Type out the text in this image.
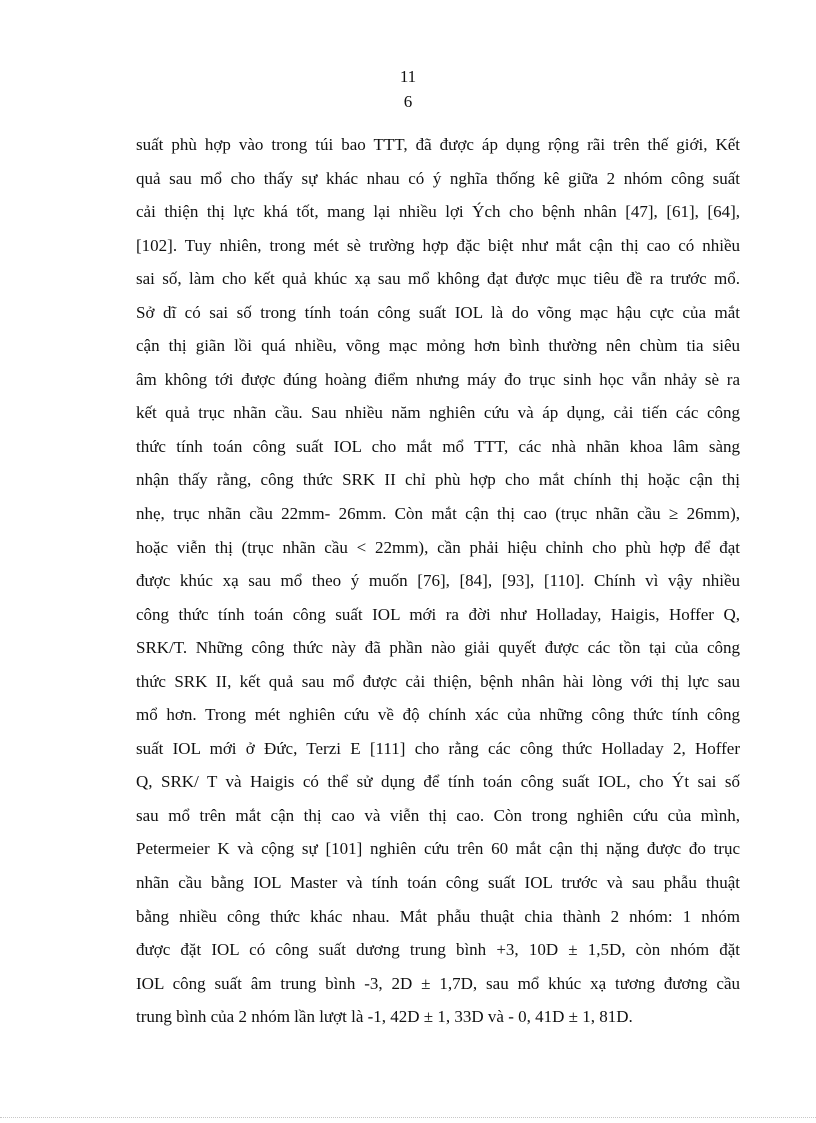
11
6
suất phù hợp vào trong túi bao TTT, đã được áp dụng rộng rãi trên thế giới, Kết
quả sau mổ cho thấy sự khác nhau có ý nghĩa thống kê giữa 2 nhóm công suất
cải thiện thị lực khá tốt, mang lại nhiều lợi Ých cho bệnh nhân [47], [61], [64],
[102]. Tuy nhiên, trong mét sè trường hợp đặc biệt như mắt cận thị cao có nhiều
sai số, làm cho kết quả khúc xạ sau mổ không đạt được mục tiêu đề ra trước mổ.
Sở dĩ có sai số trong tính toán công suất IOL là do võng mạc hậu cực của mắt
cận thị giãn lồi quá nhiều, võng mạc mỏng hơn bình thường nên chùm tia siêu
âm không tới được đúng hoàng điểm nhưng máy đo trục sinh học vẫn nhảy sè ra
kết quả trục nhãn cầu. Sau nhiều năm nghiên cứu và áp dụng, cải tiến các công
thức tính toán công suất IOL cho mắt mổ TTT, các nhà nhãn khoa lâm sàng
nhận thấy rằng, công thức SRK II chỉ phù hợp cho mắt chính thị hoặc cận thị
nhẹ, trục nhãn cầu 22mm- 26mm. Còn mắt cận thị cao (trục nhãn cầu ≥ 26mm),
hoặc viễn thị (trục nhãn cầu < 22mm), cần phải hiệu chỉnh cho phù hợp để đạt
được khúc xạ sau mổ theo ý muốn [76], [84], [93], [110]. Chính vì vậy nhiều
công thức tính toán công suất IOL mới ra đời như Holladay, Haigis, Hoffer Q,
SRK/T. Những công thức này đã phần nào giải quyết được các tồn tại của công
thức SRK II, kết quả sau mổ được cải thiện, bệnh nhân hài lòng với thị lực sau
mổ hơn. Trong mét nghiên cứu về độ chính xác của những công thức tính công
suất IOL mới ở Đức, Terzi E [111] cho rằng các công thức Holladay 2, Hoffer
Q, SRK/ T và Haigis có thể sử dụng để tính toán công suất IOL, cho Ýt sai số
sau mổ trên mắt cận thị cao và viễn thị cao. Còn trong nghiên cứu của mình,
Petermeier K và cộng sự [101] nghiên cứu trên 60 mắt cận thị nặng được đo trục
nhãn cầu bằng IOL Master và tính toán công suất IOL trước và sau phẫu thuật
bằng nhiều công thức khác nhau. Mắt phẫu thuật chia thành 2 nhóm: 1 nhóm
được đặt IOL có công suất dương trung bình +3, 10D ± 1,5D, còn nhóm đặt
IOL công suất âm trung bình -3, 2D ± 1,7D, sau mổ khúc xạ tương đương cầu
trung bình của 2 nhóm lần lượt là -1, 42D ± 1, 33D và - 0, 41D ± 1, 81D.
